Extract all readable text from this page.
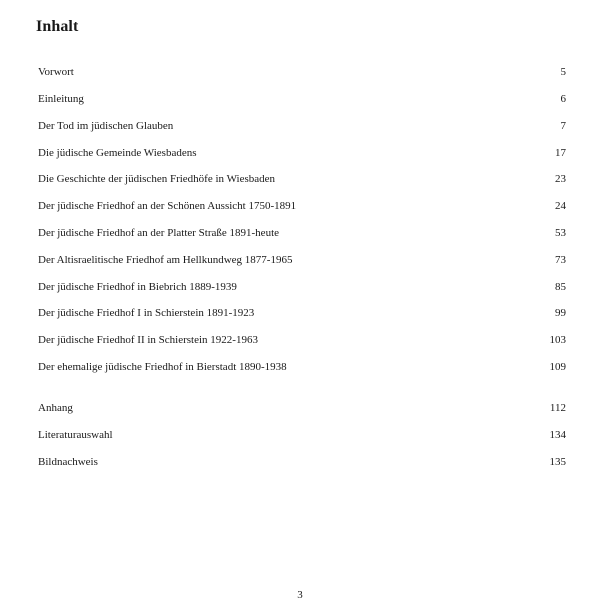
Inhalt
Vorwort	5
Einleitung	6
Der Tod im jüdischen Glauben	7
Die jüdische Gemeinde Wiesbadens	17
Die Geschichte der jüdischen Friedhöfe in Wiesbaden	23
Der jüdische Friedhof an der Schönen Aussicht 1750-1891	24
Der jüdische Friedhof an der Platter Straße 1891-heute	53
Der Altisraelitische Friedhof am Hellkundweg 1877-1965	73
Der jüdische Friedhof in Biebrich 1889-1939	85
Der jüdische Friedhof I in Schierstein 1891-1923	99
Der jüdische Friedhof II in Schierstein 1922-1963	103
Der ehemalige jüdische Friedhof in Bierstadt 1890-1938	109
Anhang	112
Literaturauswahl	134
Bildnachweis	135
3
